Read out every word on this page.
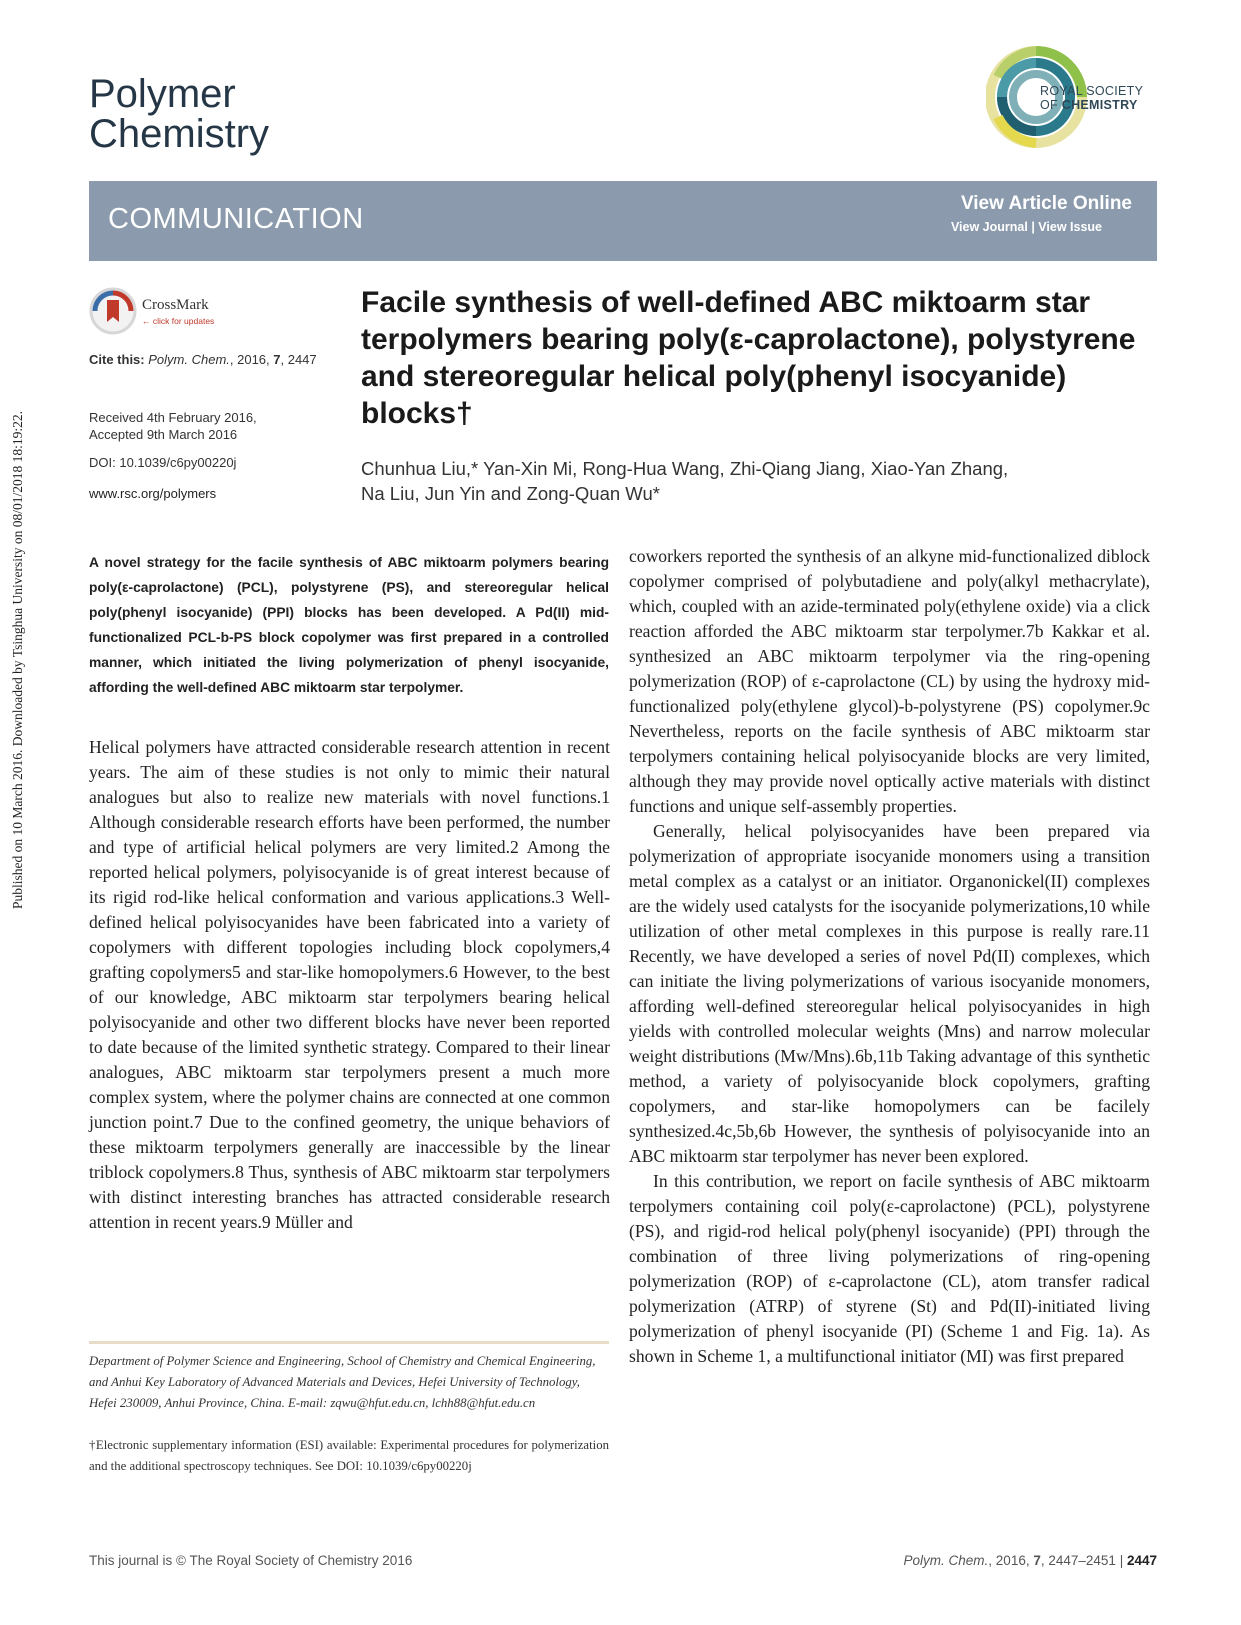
Published on 10 March 2016. Downloaded by Tsinghua University on 08/01/2018 18:19:22.
Polymer
Chemistry
ROYAL SOCIETY
OF CHEMISTRY
COMMUNICATION	View Article Online
View Journal | View Issue
CrossMark
← click for updates
Cite this: Polym. Chem., 2016, 7, 2447
Received 4th February 2016,
Accepted 9th March 2016
DOI: 10.1039/c6py00220j
www.rsc.org/polymers
Facile synthesis of well-defined ABC miktoarm star terpolymers bearing poly(ε-caprolactone), polystyrene and stereoregular helical poly(phenyl isocyanide) blocks†
Chunhua Liu,* Yan-Xin Mi, Rong-Hua Wang, Zhi-Qiang Jiang, Xiao-Yan Zhang,
Na Liu, Jun Yin and Zong-Quan Wu*
A novel strategy for the facile synthesis of ABC miktoarm polymers bearing poly(ε-caprolactone) (PCL), polystyrene (PS), and stereoregular helical poly(phenyl isocyanide) (PPI) blocks has been developed. A Pd(II) mid-functionalized PCL-b-PS block copolymer was first prepared in a controlled manner, which initiated the living polymerization of phenyl isocyanide, affording the well-defined ABC miktoarm star terpolymer.

Helical polymers have attracted considerable research attention in recent years. The aim of these studies is not only to mimic their natural analogues but also to realize new materials with novel functions.1 Although considerable research efforts have been performed, the number and type of artificial helical polymers are very limited.2 Among the reported helical polymers, polyisocyanide is of great interest because of its rigid rod-like helical conformation and various applications.3 Well-defined helical polyisocyanides have been fabricated into a variety of copolymers with different topologies including block copolymers,4 grafting copolymers5 and star-like homopolymers.6 However, to the best of our knowledge, ABC miktoarm star terpolymers bearing helical polyisocyanide and other two different blocks have never been reported to date because of the limited synthetic strategy. Compared to their linear analogues, ABC miktoarm star terpolymers present a much more complex system, where the polymer chains are connected at one common junction point.7 Due to the confined geometry, the unique behaviors of these miktoarm terpolymers generally are inaccessible by the linear triblock copolymers.8 Thus, synthesis of ABC miktoarm star terpolymers with distinct interesting branches has attracted considerable research attention in recent years.9 Müller and

coworkers reported the synthesis of an alkyne mid-functionalized diblock copolymer comprised of polybutadiene and poly(alkyl methacrylate), which, coupled with an azide-terminated poly(ethylene oxide) via a click reaction afforded the ABC miktoarm star terpolymer.7b Kakkar et al. synthesized an ABC miktoarm terpolymer via the ring-opening polymerization (ROP) of ε-caprolactone (CL) by using the hydroxy mid-functionalized poly(ethylene glycol)-b-polystyrene (PS) copolymer.9c Nevertheless, reports on the facile synthesis of ABC miktoarm star terpolymers containing helical polyisocyanide blocks are very limited, although they may provide novel optically active materials with distinct functions and unique self-assembly properties.

Generally, helical polyisocyanides have been prepared via polymerization of appropriate isocyanide monomers using a transition metal complex as a catalyst or an initiator. Organonickel(II) complexes are the widely used catalysts for the isocyanide polymerizations,10 while utilization of other metal complexes in this purpose is really rare.11 Recently, we have developed a series of novel Pd(II) complexes, which can initiate the living polymerizations of various isocyanide monomers, affording well-defined stereoregular helical polyisocyanides in high yields with controlled molecular weights (Mns) and narrow molecular weight distributions (Mw/Mns).6b,11b Taking advantage of this synthetic method, a variety of polyisocyanide block copolymers, grafting copolymers, and star-like homopolymers can be facilely synthesized.4c,5b,6b However, the synthesis of polyisocyanide into an ABC miktoarm star terpolymer has never been explored.

In this contribution, we report on facile synthesis of ABC miktoarm terpolymers containing coil poly(ε-caprolactone) (PCL), polystyrene (PS), and rigid-rod helical poly(phenyl isocyanide) (PPI) through the combination of three living polymerizations of ring-opening polymerization (ROP) of ε-caprolactone (CL), atom transfer radical polymerization (ATRP) of styrene (St) and Pd(II)-initiated living polymerization of phenyl isocyanide (PI) (Scheme 1 and Fig. 1a). As shown in Scheme 1, a multifunctional initiator (MI) was first prepared

Department of Polymer Science and Engineering, School of Chemistry and Chemical Engineering, and Anhui Key Laboratory of Advanced Materials and Devices, Hefei University of Technology, Hefei 230009, Anhui Province, China. E-mail: zqwu@hfut.edu.cn, lchh88@hfut.edu.cn
†Electronic supplementary information (ESI) available: Experimental procedures for polymerization and the additional spectroscopy techniques. See DOI: 10.1039/c6py00220j
This journal is © The Royal Society of Chemistry 2016	Polym. Chem., 2016, 7, 2447–2451 | 2447
